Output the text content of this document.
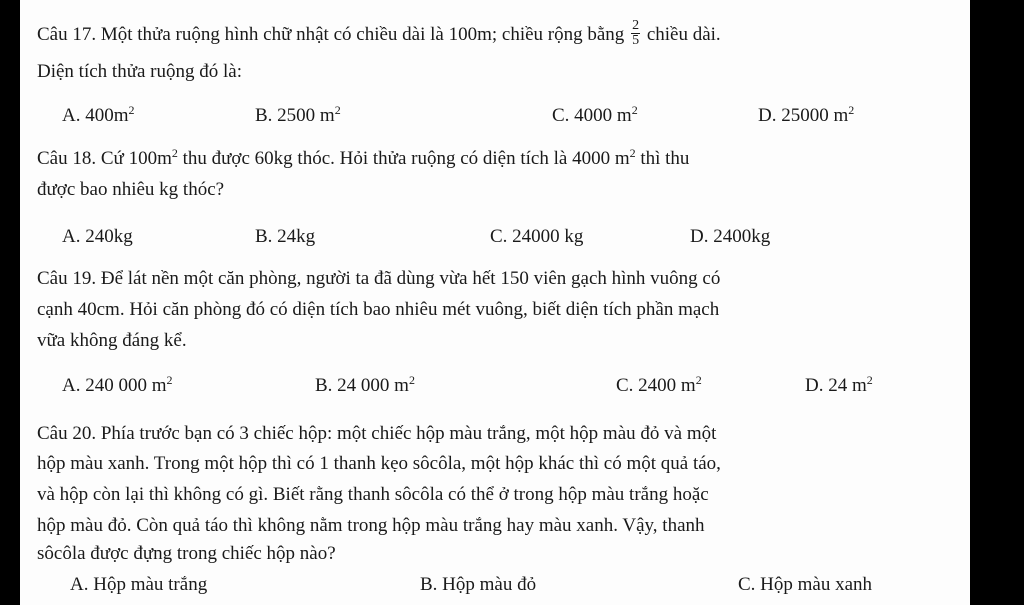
Câu 17. Một thửa ruộng hình chữ nhật có chiều dài là 100m; chiều rộng bằng $\frac{2}{5}$ chiều dài.
Diện tích thửa ruộng đó là:
A. $400m^2$	B. 2500 $m^2$	C. 4000 $m^2$	D. 25000 $m^2$
Câu 18. Cứ $100m^2$ thu được 60kg thóc. Hỏi thửa ruộng có diện tích là 4000 $m^2$ thì thu
được bao nhiêu kg thóc?
A. 240kg	B. 24kg	C. 24000 kg	D. 2400kg
Câu 19. Để lát nền một căn phòng, người ta đã dùng vừa hết 150 viên gạch hình vuông có
cạnh 40cm. Hỏi căn phòng đó có diện tích bao nhiêu mét vuông, biết diện tích phần mạch
vữa không đáng kể.
A. 240 000 $m^2$	B. 24 000 $m^2$	C. 2400 $m^2$	D. 24 $m^2$
Câu 20. Phía trước bạn có 3 chiếc hộp: một chiếc hộp màu trắng, một hộp màu đỏ và một
hộp màu xanh. Trong một hộp thì có 1 thanh kẹo sôcôla, một hộp khác thì có một quả táo,
và hộp còn lại thì không có gì. Biết rằng thanh sôcôla có thể ở trong hộp màu trắng hoặc
hộp màu đỏ. Còn quả táo thì không nằm trong hộp màu trắng hay màu xanh. Vậy, thanh
sôcôla được đựng trong chiếc hộp nào?
A. Hộp màu trắng	B. Hộp màu đỏ	C. Hộp màu xanh
